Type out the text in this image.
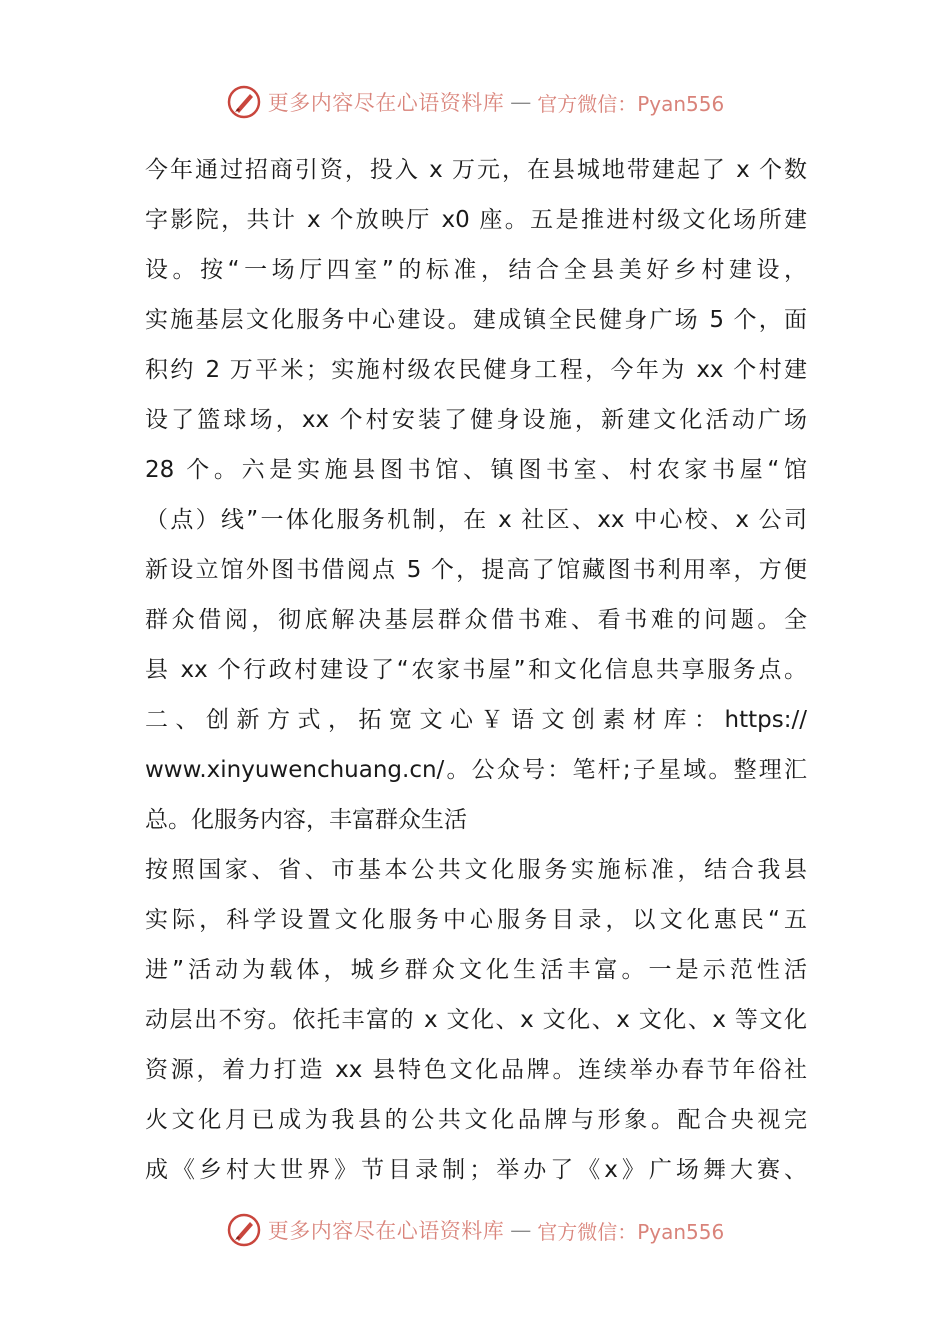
更多内容尽在心语资料库 — 官方微信：Pyan556
今年通过招商引资，投入 x 万元，在县城地带建起了 x 个数
字影院，共计 x 个放映厅 x0 座。五是推进村级文化场所建
设。按“一场厅四室”的标准，结合全县美好乡村建设，
实施基层文化服务中心建设。建成镇全民健身广场 5 个，面
积约 2 万平米；实施村级农民健身工程，今年为 xx 个村建
设了篮球场，xx 个村安装了健身设施，新建文化活动广场
28 个。六是实施县图书馆、镇图书室、村农家书屋“馆
（点）线”一体化服务机制，在 x 社区、xx 中心校、x 公司
新设立馆外图书借阅点 5 个，提高了馆藏图书利用率，方便
群众借阅，彻底解决基层群众借书难、看书难的问题。全
县 xx 个行政村建设了“农家书屋”和文化信息共享服务点。
二、创新方式，拓宽文心￥语文创素材库：https://
www.xinyuwenchuang.cn/。公众号：笔杆;子星域。整理汇
总。化服务内容，丰富群众生活
按照国家、省、市基本公共文化服务实施标准，结合我县
实际，科学设置文化服务中心服务目录，以文化惠民“五
进”活动为载体，城乡群众文化生活丰富。一是示范性活
动层出不穷。依托丰富的 x 文化、x 文化、x 文化、x 等文化
资源，着力打造 xx 县特色文化品牌。连续举办春节年俗社
火文化月已成为我县的公共文化品牌与形象。配合央视完
成《乡村大世界》节目录制；举办了《x》广场舞大赛、
更多内容尽在心语资料库 — 官方微信：Pyan556
